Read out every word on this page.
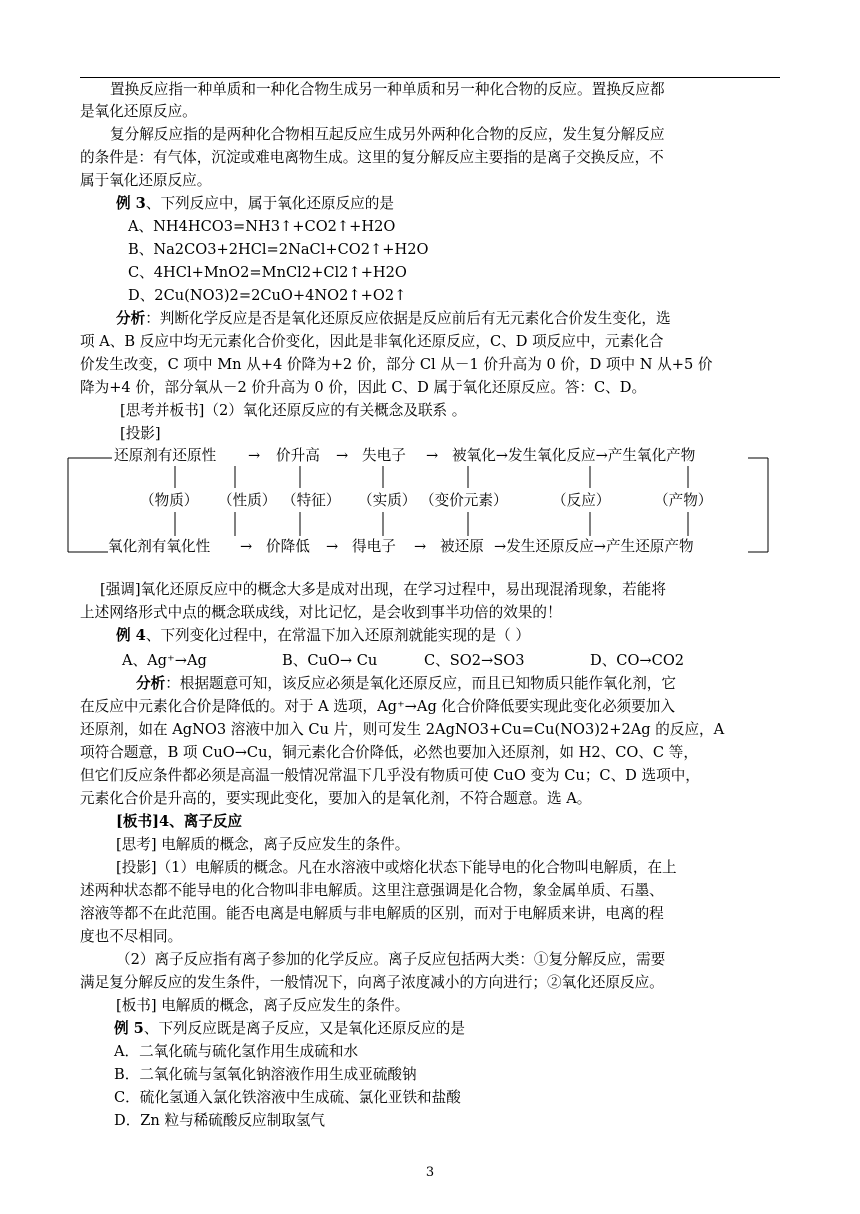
置换反应指一种单质和一种化合物生成另一种单质和另一种化合物的反应。置换反应都
是氧化还原反应。
复分解反应指的是两种化合物相互起反应生成另外两种化合物的反应，发生复分解反应
的条件是：有气体，沉淀或难电离物生成。这里的复分解反应主要指的是离子交换反应，不
属于氧化还原反应。
例 3、下列反应中，属于氧化还原反应的是
A、NH4HCO3=NH3↑+CO2↑+H2O
B、Na2CO3+2HCl=2NaCl+CO2↑+H2O
C、4HCl+MnO2=MnCl2+Cl2↑+H2O
D、2Cu(NO3)2=2CuO+4NO2↑+O2↑
分析：判断化学反应是否是氧化还原反应依据是反应前后有无元素化合价发生变化，选
项 A、B 反应中均无元素化合价变化，因此是非氧化还原反应，C、D 项反应中，元素化合
价发生改变，C 项中 Mn 从+4 价降为+2 价，部分 Cl 从－1 价升高为 0 价，D 项中 N 从+5 价
降为+4 价，部分氧从－2 价升高为 0 价，因此 C、D 属于氧化还原反应。答：C、D。
[思考并板书]（2）氧化还原反应的有关概念及联系 。
[投影]
还原剂有还原性 → 价升高 → 失电子 → 被氧化→发生氧化反应→产生氧化产物
（物质） （性质） （特征） （实质） （变价元素）	（反应）	（产物）
氧化剂有氧化性 → 价降低 → 得电子 → 被还原 →发生还原反应→产生还原产物
[强调]氧化还原反应中的概念大多是成对出现，在学习过程中，易出现混淆现象，若能将
上述网络形式中点的概念联成线，对比记忆，是会收到事半功倍的效果的！
例 4、下列变化过程中，在常温下加入还原剂就能实现的是（ ）
A、Ag⁺→Ag	B、CuO→ Cu	C、SO2→SO3	D、CO→CO2
分析：根据题意可知，该反应必须是氧化还原反应，而且已知物质只能作氧化剂，它
在反应中元素化合价是降低的。对于 A 选项，Ag⁺→Ag 化合价降低要实现此变化必须要加入
还原剂，如在 AgNO3 溶液中加入 Cu 片，则可发生 2AgNO3+Cu=Cu(NO3)2+2Ag 的反应，A
项符合题意，B 项 CuO→Cu，铜元素化合价降低，必然也要加入还原剂，如 H2、CO、C 等，
但它们反应条件都必须是高温一般情况常温下几乎没有物质可使 CuO 变为 Cu；C、D 选项中，
元素化合价是升高的，要实现此变化，要加入的是氧化剂，不符合题意。选 A。
[板书]4、离子反应
[思考] 电解质的概念，离子反应发生的条件。
[投影]（1）电解质的概念。凡在水溶液中或熔化状态下能导电的化合物叫电解质，在上
述两种状态都不能导电的化合物叫非电解质。这里注意强调是化合物，象金属单质、石墨、
溶液等都不在此范围。能否电离是电解质与非电解质的区别，而对于电解质来讲，电离的程
度也不尽相同。
（2）离子反应指有离子参加的化学反应。离子反应包括两大类：①复分解反应，需要
满足复分解反应的发生条件，一般情况下，向离子浓度减小的方向进行；②氧化还原反应。
[板书] 电解质的概念，离子反应发生的条件。
例 5、下列反应既是离子反应，又是氧化还原反应的是
A．二氧化硫与硫化氢作用生成硫和水
B．二氧化硫与氢氧化钠溶液作用生成亚硫酸钠
C．硫化氢通入氯化铁溶液中生成硫、氯化亚铁和盐酸
D．Zn 粒与稀硫酸反应制取氢气
3
